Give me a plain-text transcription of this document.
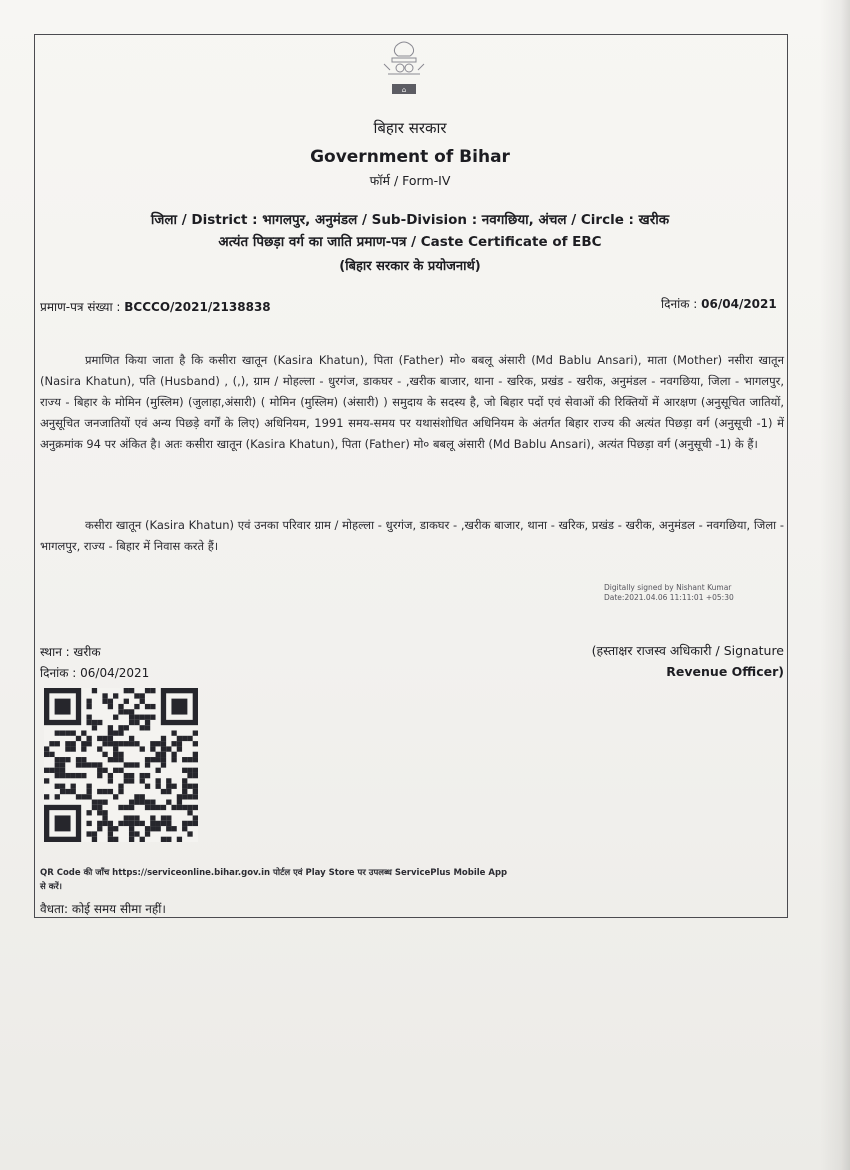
⌂
बिहार सरकार
Government of Bihar
फॉर्म / Form-IV
जिला / District : भागलपुर, अनुमंडल / Sub-Division : नवगछिया, अंचल / Circle : खरीक
अत्यंत पिछड़ा वर्ग का जाति प्रमाण-पत्र / Caste Certificate of EBC
(बिहार सरकार के प्रयोजनार्थ)
प्रमाण-पत्र संख्या : BCCCO/2021/2138838	दिनांक : 06/04/2021
प्रमाणित किया जाता है कि कसीरा खातून (Kasira Khatun), पिता (Father) मो० बबलू अंसारी (Md Bablu Ansari), माता (Mother) नसीरा खातून (Nasira Khatun), पति (Husband) , (,), ग्राम / मोहल्ला - धुरगंज, डाकघर - ,खरीक बाजार, थाना - खरिक, प्रखंड - खरीक, अनुमंडल - नवगछिया, जिला - भागलपुर, राज्य - बिहार के मोमिन (मुस्लिम) (जुलाहा,अंसारी) ( मोमिन (मुस्लिम) (अंसारी) ) समुदाय के सदस्य है, जो बिहार पदों एवं सेवाओं की रिक्तियों में आरक्षण (अनुसूचित जातियों, अनुसूचित जनजातियों एवं अन्य पिछड़े वर्गों के लिए) अधिनियम, 1991 समय-समय पर यथासंशोधित अधिनियम के अंतर्गत बिहार राज्य की अत्यंत पिछड़ा वर्ग (अनुसूची -1) में अनुक्रमांक 94 पर अंकित है। अतः कसीरा खातून (Kasira Khatun), पिता (Father) मो० बबलू अंसारी (Md Bablu Ansari), अत्यंत पिछड़ा वर्ग (अनुसूची -1) के हैं।
कसीरा खातून (Kasira Khatun) एवं उनका परिवार ग्राम / मोहल्ला - धुरगंज, डाकघर - ,खरीक बाजार, थाना - खरिक, प्रखंड - खरीक, अनुमंडल - नवगछिया, जिला - भागलपुर, राज्य - बिहार में निवास करते हैं।
Digitally signed by Nishant Kumar
Date:2021.04.06 11:11:01 +05:30
स्थान : खरीक
दिनांक : 06/04/2021
(हस्ताक्षर राजस्व अधिकारी / Signature
Revenue Officer)
QR Code की जाँच https://serviceonline.bihar.gov.in पोर्टल एवं Play Store पर उपलब्ध ServicePlus Mobile App से करें।
वैधता: कोई समय सीमा नहीं।
